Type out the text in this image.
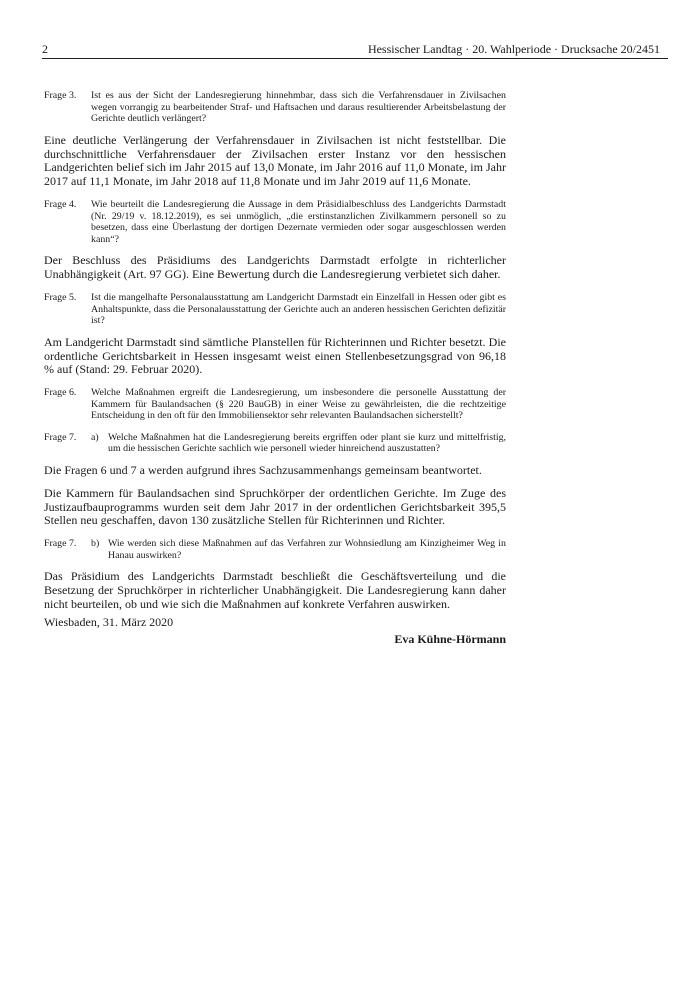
2	Hessischer Landtag · 20. Wahlperiode · Drucksache 20/2451
Frage 3. Ist es aus der Sicht der Landesregierung hinnehmbar, dass sich die Verfahrensdauer in Zivilsachen wegen vorrangig zu bearbeitender Straf- und Haftsachen und daraus resultierender Arbeitsbelastung der Gerichte deutlich verlängert?

Eine deutliche Verlängerung der Verfahrensdauer in Zivilsachen ist nicht feststellbar. Die durchschnittliche Verfahrensdauer der Zivilsachen erster Instanz vor den hessischen Landgerichten belief sich im Jahr 2015 auf 13,0 Monate, im Jahr 2016 auf 11,0 Monate, im Jahr 2017 auf 11,1 Monate, im Jahr 2018 auf 11,8 Monate und im Jahr 2019 auf 11,6 Monate.

Frage 4. Wie beurteilt die Landesregierung die Aussage in dem Präsidialbeschluss des Landgerichts Darmstadt (Nr. 29/19 v. 18.12.2019), es sei unmöglich, „die erstinstanzlichen Zivilkammern personell so zu besetzen, dass eine Überlastung der dortigen Dezernate vermieden oder sogar ausgeschlossen werden kann“?

Der Beschluss des Präsidiums des Landgerichts Darmstadt erfolgte in richterlicher Unabhängigkeit (Art. 97 GG). Eine Bewertung durch die Landesregierung verbietet sich daher.

Frage 5. Ist die mangelhafte Personalausstattung am Landgericht Darmstadt ein Einzelfall in Hessen oder gibt es Anhaltspunkte, dass die Personalausstattung der Gerichte auch an anderen hessischen Gerichten defizitär ist?

Am Landgericht Darmstadt sind sämtliche Planstellen für Richterinnen und Richter besetzt. Die ordentliche Gerichtsbarkeit in Hessen insgesamt weist einen Stellenbesetzungsgrad von 96,18 % auf (Stand: 29. Februar 2020).

Frage 6. Welche Maßnahmen ergreift die Landesregierung, um insbesondere die personelle Ausstattung der Kammern für Baulandsachen (§ 220 BauGB) in einer Weise zu gewährleisten, die die rechtzeitige Entscheidung in den oft für den Immobiliensektor sehr relevanten Baulandsachen sicherstellt?
Frage 7. a) Welche Maßnahmen hat die Landesregierung bereits ergriffen oder plant sie kurz und mittelfristig, um die hessischen Gerichte sachlich wie personell wieder hinreichend auszustatten?

Die Fragen 6 und 7 a werden aufgrund ihres Sachzusammenhangs gemeinsam beantwortet.

Die Kammern für Baulandsachen sind Spruchkörper der ordentlichen Gerichte. Im Zuge des Justizaufbauprogramms wurden seit dem Jahr 2017 in der ordentlichen Gerichtsbarkeit 395,5 Stellen neu geschaffen, davon 130 zusätzliche Stellen für Richterinnen und Richter.

Frage 7. b) Wie werden sich diese Maßnahmen auf das Verfahren zur Wohnsiedlung am Kinzigheimer Weg in Hanau auswirken?

Das Präsidium des Landgerichts Darmstadt beschließt die Geschäftsverteilung und die Besetzung der Spruchkörper in richterlicher Unabhängigkeit. Die Landesregierung kann daher nicht beurteilen, ob und wie sich die Maßnahmen auf konkrete Verfahren auswirken.

Wiesbaden, 31. März 2020
Eva Kühne-Hörmann
